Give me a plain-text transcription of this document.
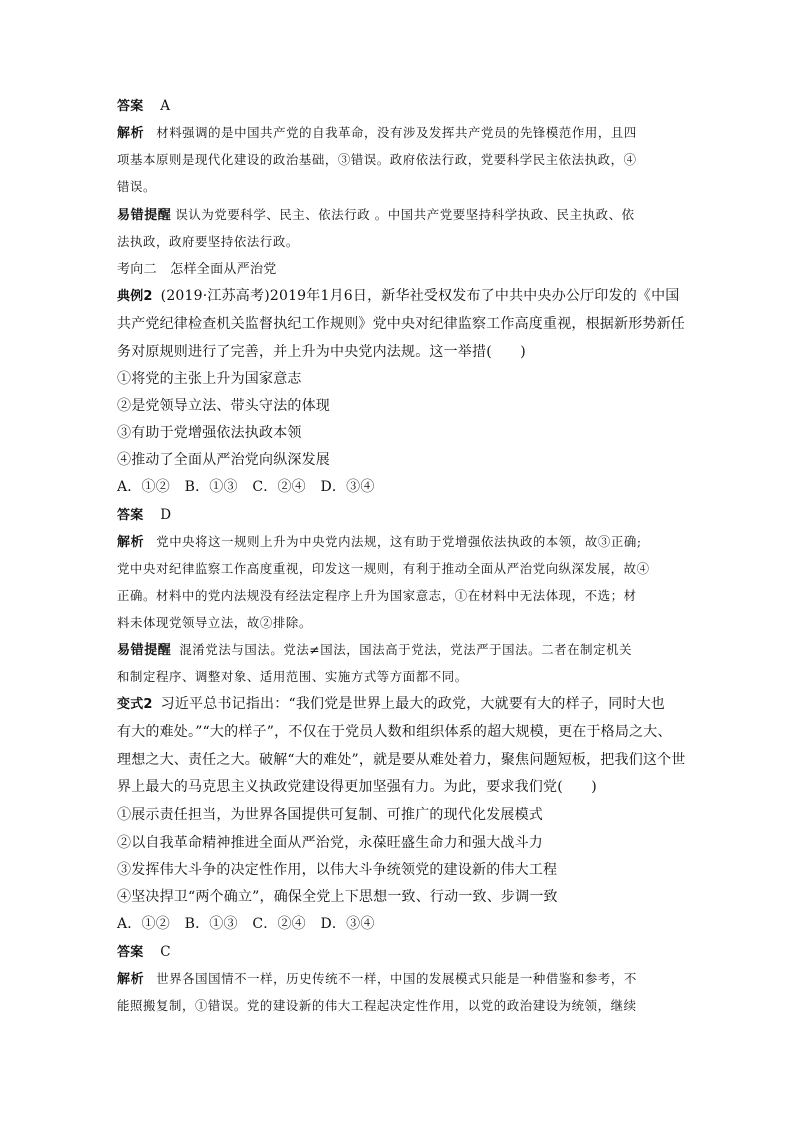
答案 A
解析 材料强调的是中国共产党的自我革命，没有涉及发挥共产党员的先锋模范作用，且四
项基本原则是现代化建设的政治基础，③错误。政府依法行政，党要科学民主依法执政，④
错误。
易错提醒 误认为党要科学、民主、依法行政 。中国共产党要坚持科学执政、民主执政、依
法执政，政府要坚持依法行政。
考向二　怎样全面从严治党
典例2 (2019·江苏高考)2019年1月6日，新华社受权发布了中共中央办公厅印发的《中国
共产党纪律检查机关监督执纪工作规则》党中央对纪律监察工作高度重视，根据新形势新任
务对原规则进行了完善，并上升为中央党内法规。这一举措(　　)
①将党的主张上升为国家意志
②是党领导立法、带头守法的体现
③有助于党增强依法执政本领
④推动了全面从严治党向纵深发展
A．①② B．①③ C．②④ D．③④
答案 D
解析 党中央将这一规则上升为中央党内法规，这有助于党增强依法执政的本领，故③正确;
党中央对纪律监察工作高度重视，印发这一规则，有利于推动全面从严治党向纵深发展，故④
正确。材料中的党内法规没有经法定程序上升为国家意志，①在材料中无法体现，不选；材
料未体现党领导立法，故②排除。
易错提醒 混淆党法与国法。党法≠国法，国法高于党法，党法严于国法。二者在制定机关
和制定程序、调整对象、适用范围、实施方式等方面都不同。
变式2 习近平总书记指出：“我们党是世界上最大的政党，大就要有大的样子，同时大也
有大的难处。”“大的样子”，不仅在于党员人数和组织体系的超大规模，更在于格局之大、
理想之大、责任之大。破解“大的难处”，就是要从难处着力，聚焦问题短板，把我们这个世
界上最大的马克思主义执政党建设得更加坚强有力。为此，要求我们党(　　)
①展示责任担当，为世界各国提供可复制、可推广的现代化发展模式
②以自我革命精神推进全面从严治党，永葆旺盛生命力和强大战斗力
③发挥伟大斗争的决定性作用，以伟大斗争统领党的建设新的伟大工程
④坚决捍卫“两个确立”，确保全党上下思想一致、行动一致、步调一致
A．①② B．①③ C．②④ D．③④
答案 C
解析 世界各国国情不一样，历史传统不一样，中国的发展模式只能是一种借鉴和参考，不
能照搬复制，①错误。党的建设新的伟大工程起决定性作用，以党的政治建设为统领，继续
